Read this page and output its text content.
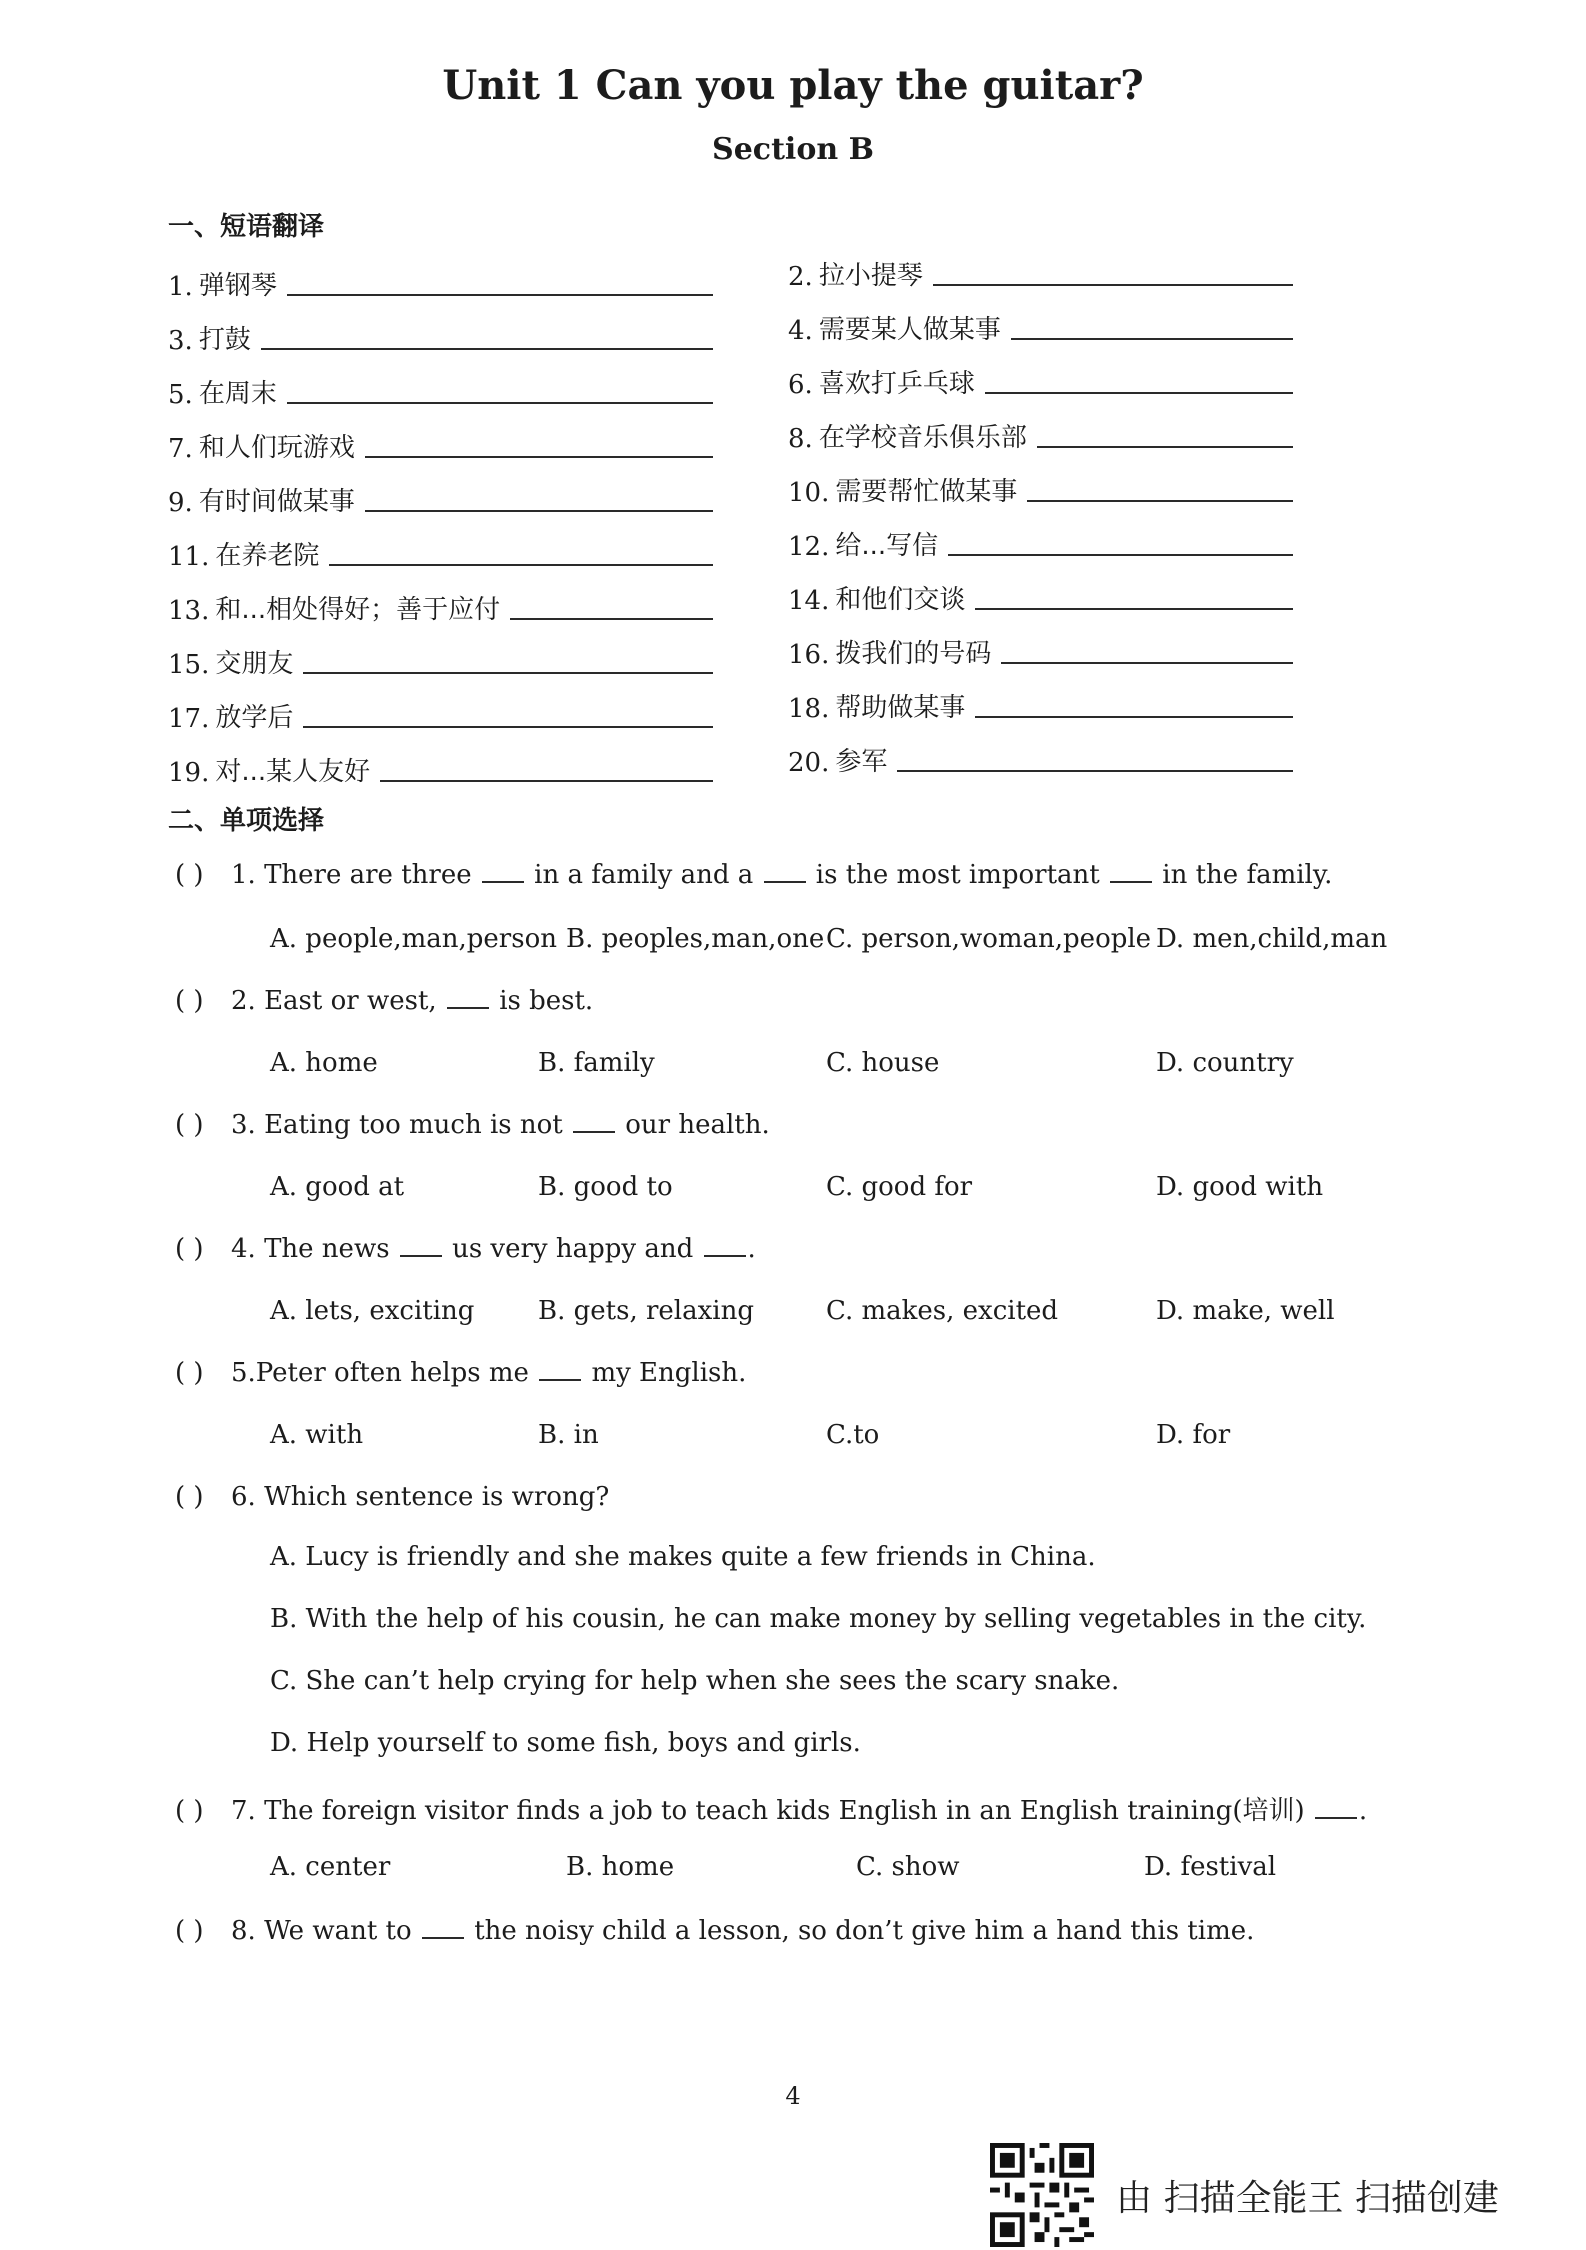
Unit 1 Can you play the guitar?
Section B
一、短语翻译
1. 弹钢琴	2. 拉小提琴
3. 打鼓	4. 需要某人做某事
5. 在周末	6. 喜欢打乒乓球
7. 和人们玩游戏	8. 在学校音乐俱乐部
9. 有时间做某事	10. 需要帮忙做某事
11. 在养老院	12. 给...写信
13. 和...相处得好；善于应付	14. 和他们交谈
15. 交朋友	16. 拨我们的号码
17. 放学后	18. 帮助做某事
19. 对...某人友好	20. 参军
二、单项选择
( ) 1. There are three in a family and a is the most important in the family.
A. people,man,person B. peoples,man,one C. person,woman,people D. men,child,man
( ) 2. East or west, is best.
A. home	B. family	C. house	D. country
( ) 3. Eating too much is not our health.
A. good at	B. good to	C. good for	D. good with
( ) 4. The news us very happy and .
A. lets, exciting B. gets, relaxing	C. makes, excited	D. make, well
( ) 5.Peter often helps me my English.
A. with	B. in	C.to	D. for
( ) 6. Which sentence is wrong?
A. Lucy is friendly and she makes quite a few friends in China.
B. With the help of his cousin, he can make money by selling vegetables in the city.
C. She can’t help crying for help when she sees the scary snake.
D. Help yourself to some fish, boys and girls.
( ) 7. The foreign visitor finds a job to teach kids English in an English training(培训) .
A. center	B. home	C. show	D. festival
( ) 8. We want to the noisy child a lesson, so don’t give him a hand this time.
4
由 扫描全能王 扫描创建
